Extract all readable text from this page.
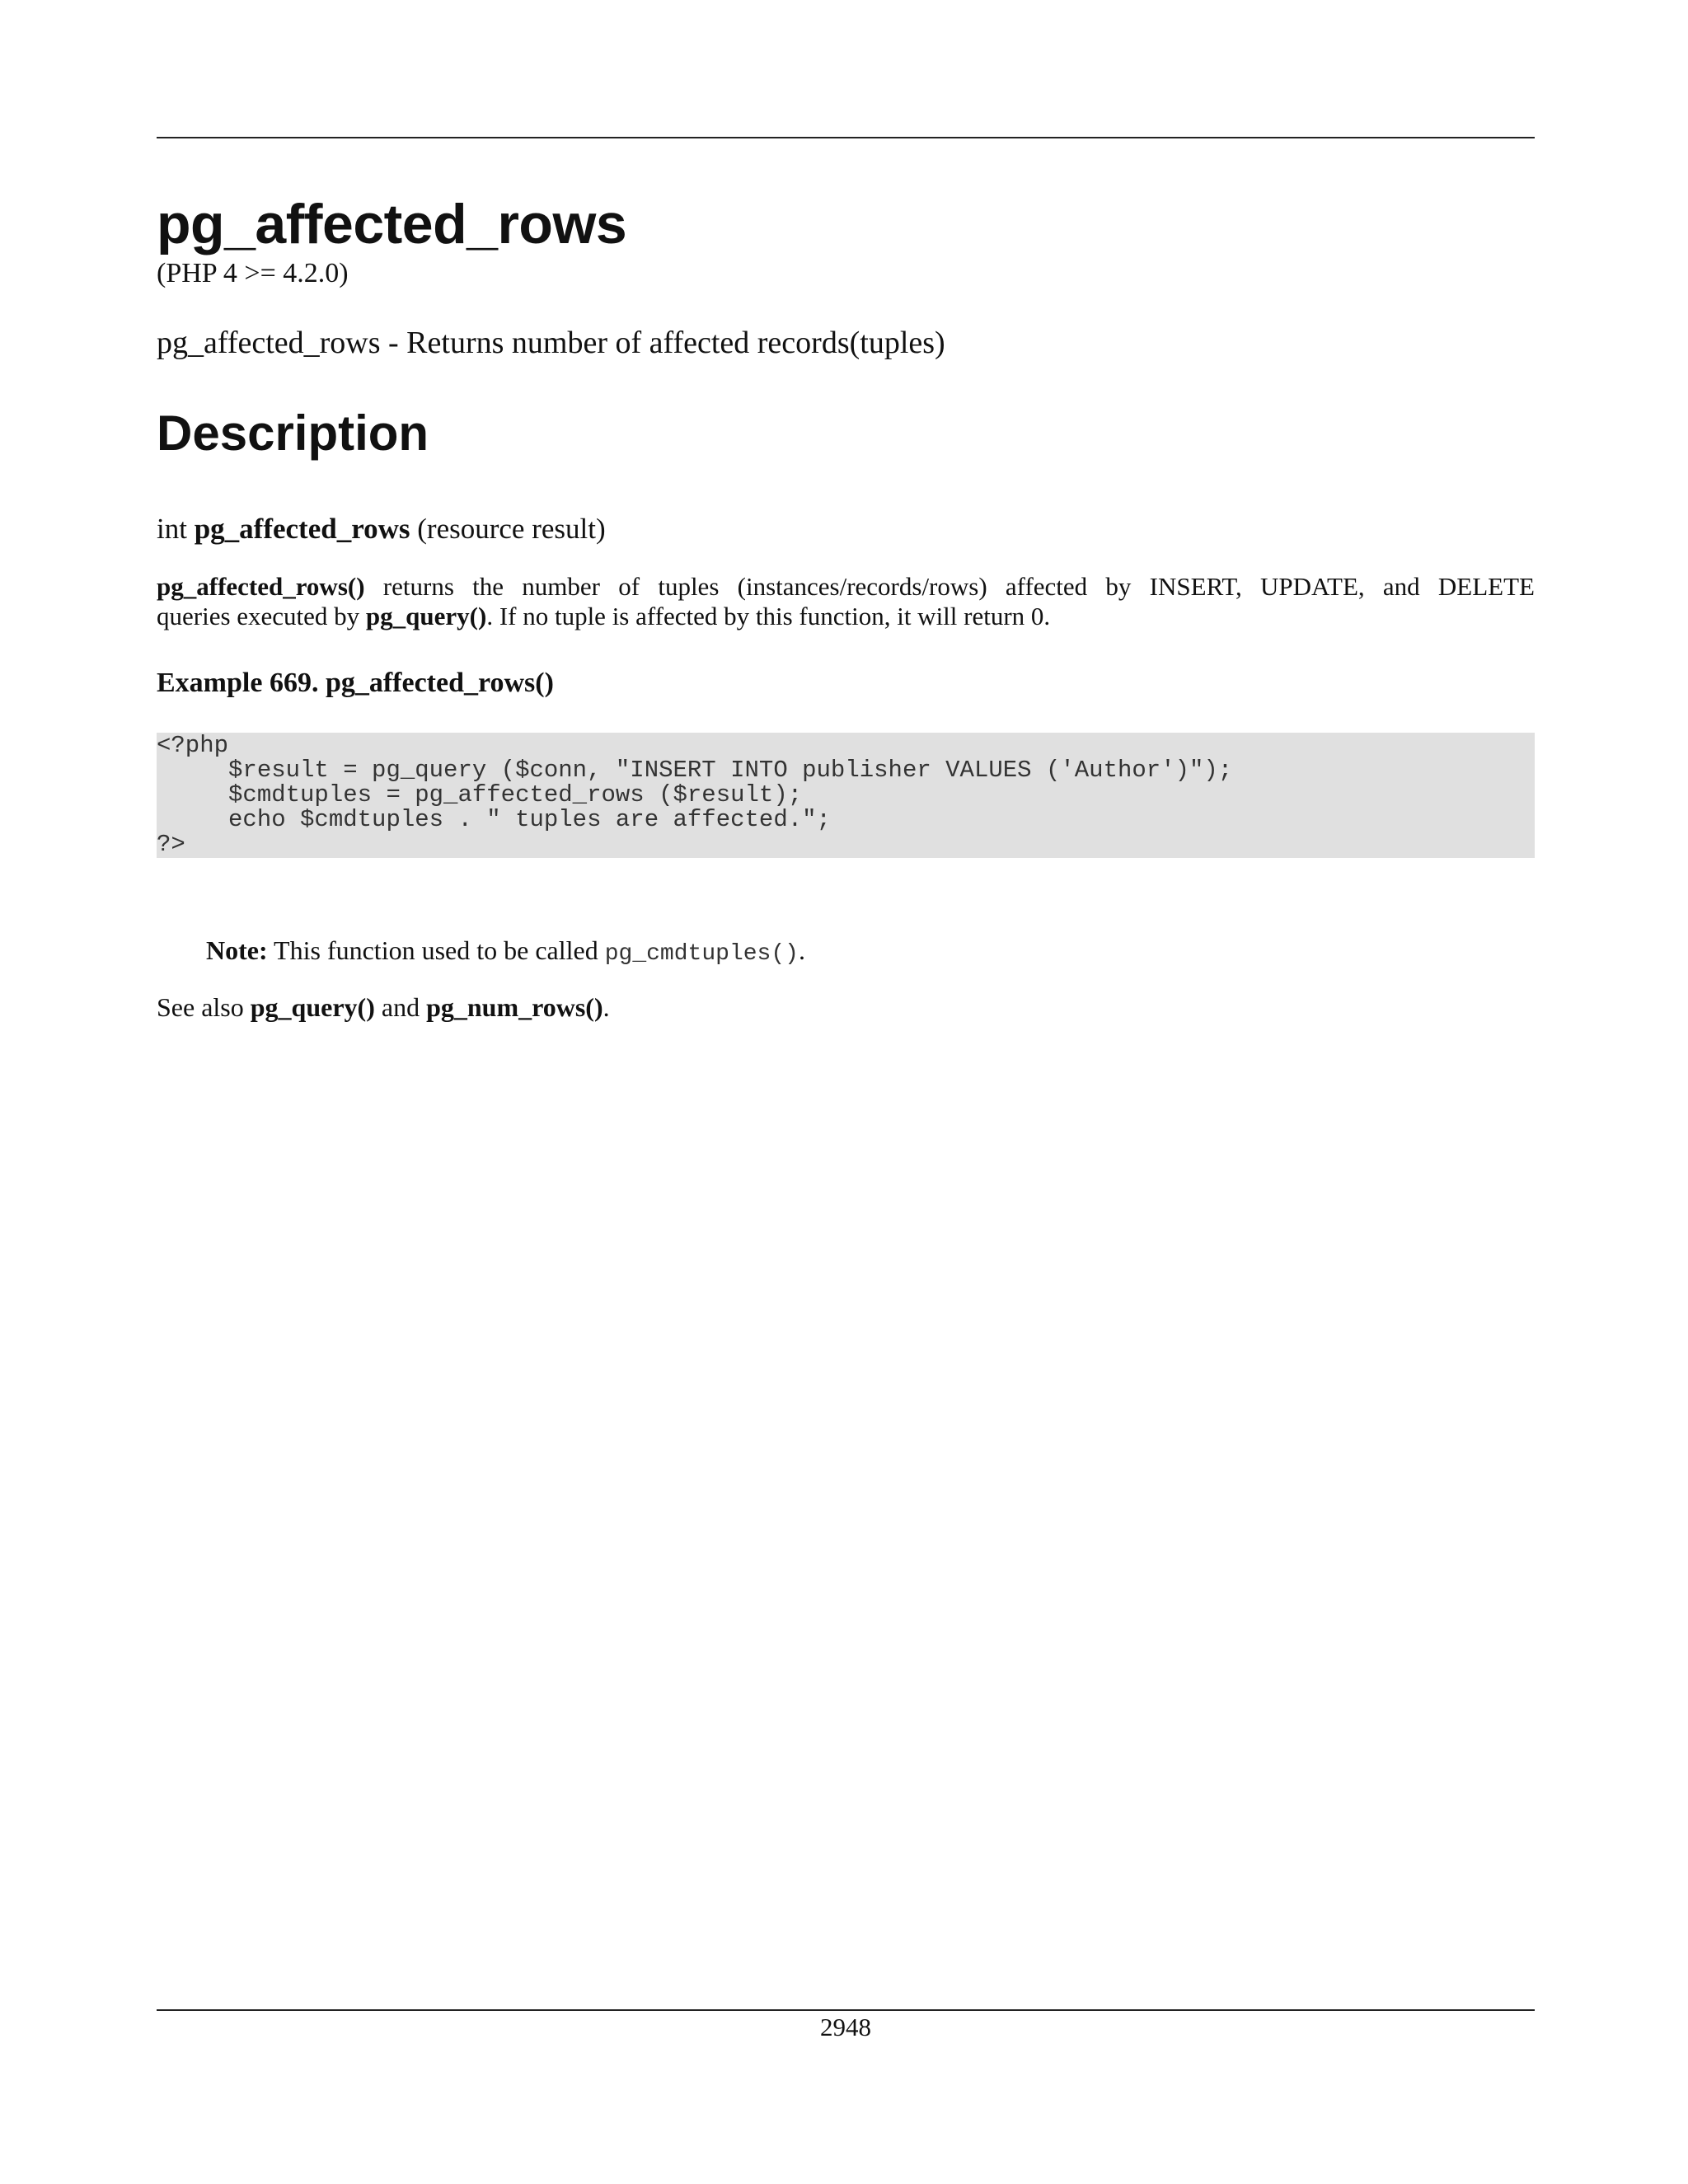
pg_affected_rows
(PHP 4 >= 4.2.0)
pg_affected_rows - Returns number of affected records(tuples)
Description
int pg_affected_rows (resource result)

pg_affected_rows() returns the number of tuples (instances/records/rows) affected by INSERT, UPDATE, and DELETE
queries executed by pg_query(). If no tuple is affected by this function, it will return 0.

Example 669. pg_affected_rows()
<?php
$result = pg_query ($conn, "INSERT INTO publisher VALUES ('Author')");
$cmdtuples = pg_affected_rows ($result);
echo $cmdtuples . " tuples are affected.";
?>
Note: This function used to be called pg_cmdtuples().
See also pg_query() and pg_num_rows().
2948
